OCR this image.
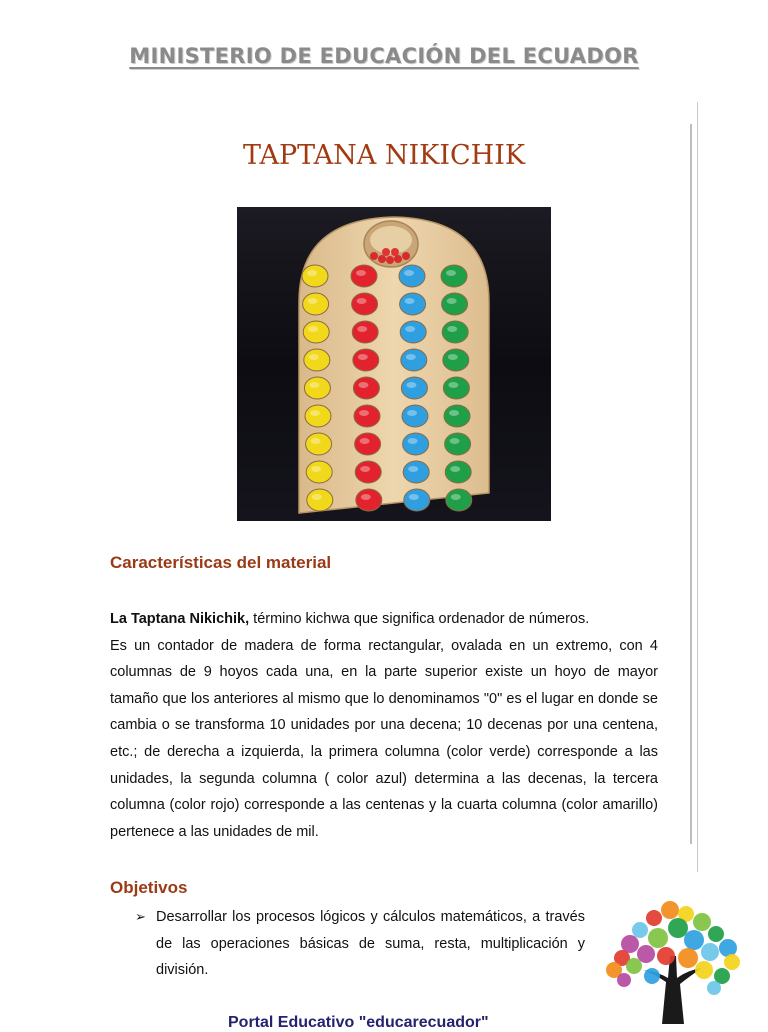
MINISTERIO DE EDUCACIÓN DEL ECUADOR
TAPTANA NIKICHIK
Características del material
La Taptana Nikichik, término kichwa que significa ordenador de números.
Es un contador de madera de forma rectangular, ovalada en un extremo, con 4 columnas de 9 hoyos cada una, en la parte superior existe un hoyo de mayor tamaño que los anteriores al mismo que lo denominamos "0" es el lugar en donde se cambia o se transforma 10 unidades por una decena; 10 decenas por una centena, etc.; de derecha a izquierda, la primera columna (color verde) corresponde a las unidades, la segunda columna ( color azul) determina a las decenas, la tercera columna (color rojo) corresponde a las centenas y la cuarta columna (color amarillo) pertenece a las unidades de mil.
Objetivos
➢ Desarrollar los procesos lógicos y cálculos matemáticos, a través de las operaciones básicas de suma, resta, multiplicación y división.
Portal Educativo "educarecuador"
